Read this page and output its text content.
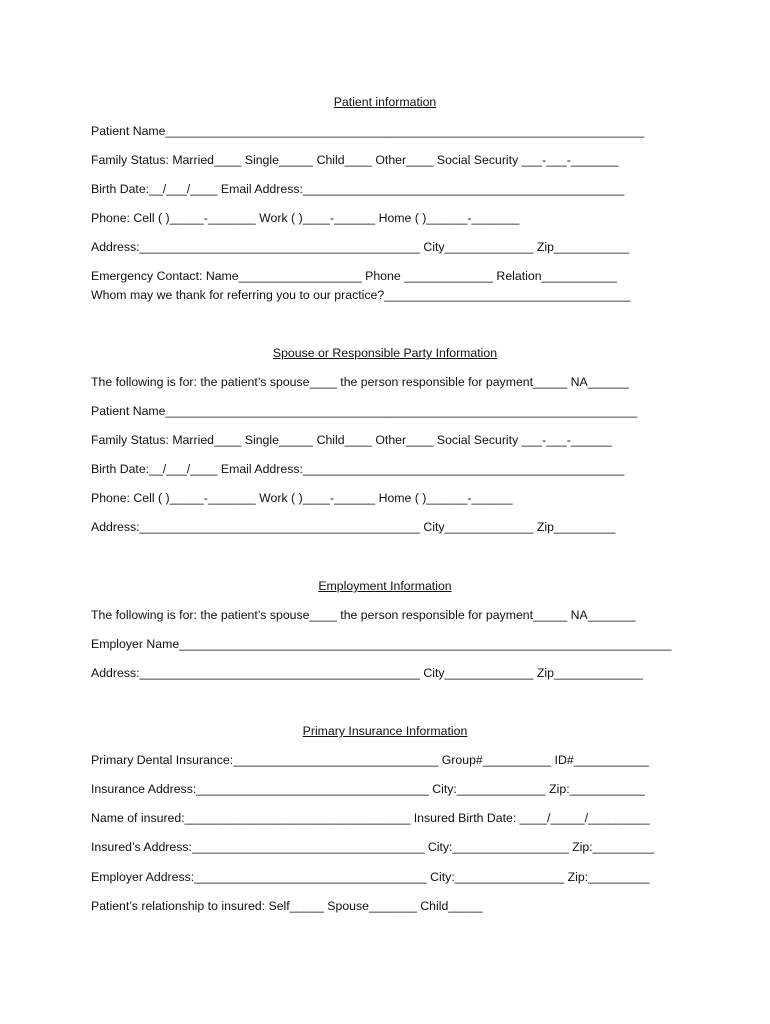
Patient information
Patient Name______________________________________________________________________
Family Status: Married____ Single_____ Child____ Other____ Social Security ___-___-_______
Birth Date:__/___/____ Email Address:_______________________________________________
Phone: Cell ( )_____-_______ Work ( )____-______ Home ( )______-_______
Address:_________________________________________ City_____________ Zip___________
Emergency Contact: Name__________________ Phone _____________ Relation___________
Whom may we thank for referring you to our practice?____________________________________
Spouse or Responsible Party Information
The following is for: the patient’s spouse____ the person responsible for payment_____ NA______
Patient Name_____________________________________________________________________
Family Status: Married____ Single_____ Child____ Other____ Social Security ___-___-______
Birth Date:__/___/____ Email Address:_______________________________________________
Phone: Cell ( )_____-_______ Work ( )____-______ Home ( )______-______
Address:_________________________________________ City_____________ Zip_________
Employment Information
The following is for: the patient’s spouse____ the person responsible for payment_____ NA_______
Employer Name________________________________________________________________________
Address:_________________________________________ City_____________ Zip_____________
Primary Insurance Information
Primary Dental Insurance:______________________________ Group#__________ ID#___________
Insurance Address:__________________________________ City:_____________ Zip:___________
Name of insured:_________________________________ Insured Birth Date: ____/_____/_________
Insured’s Address:__________________________________ City:_________________ Zip:_________
Employer Address:__________________________________ City:________________ Zip:_________
Patient’s relationship to insured: Self_____ Spouse_______ Child_____
